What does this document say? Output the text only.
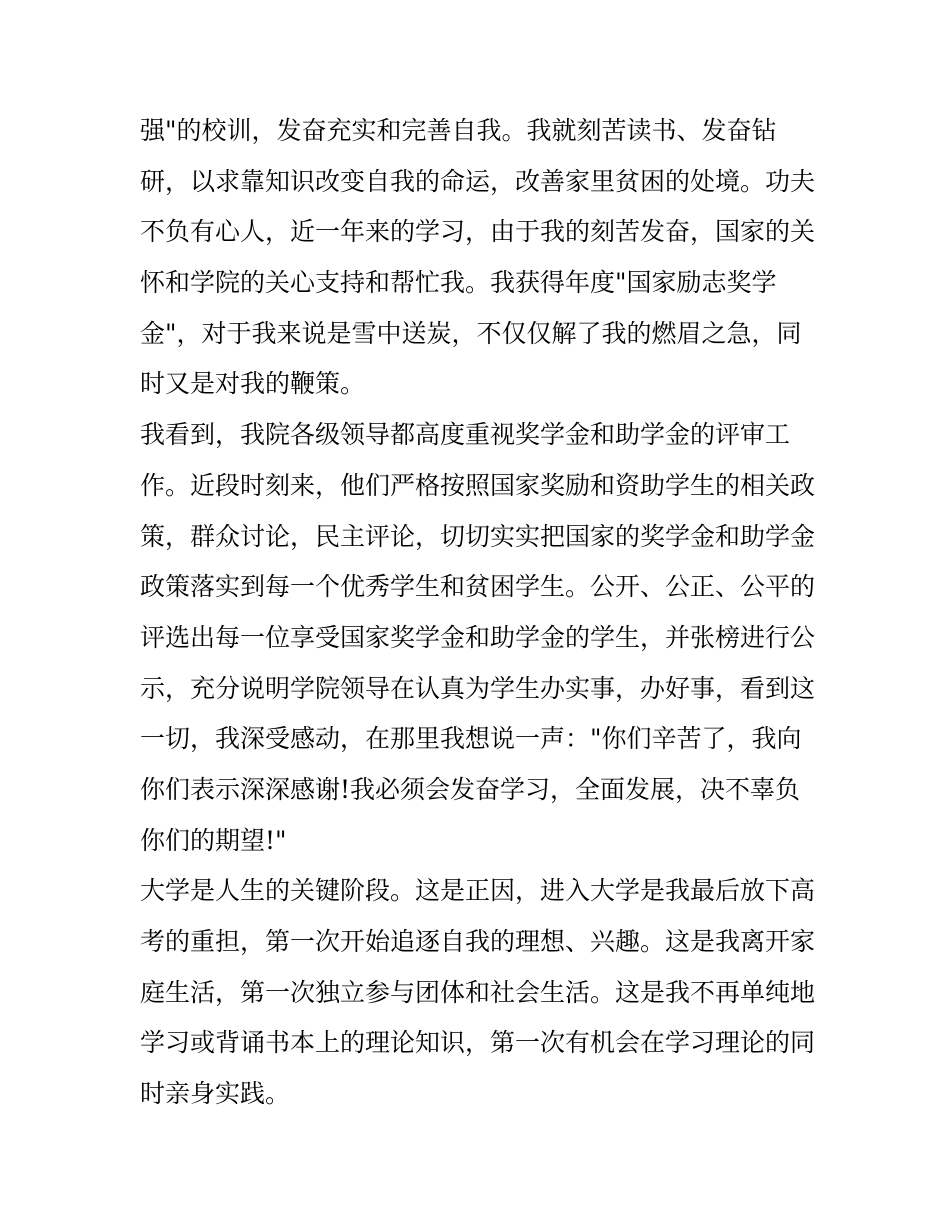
强"的校训，发奋充实和完善自我。我就刻苦读书、发奋钻
研，以求靠知识改变自我的命运，改善家里贫困的处境。功夫
不负有心人，近一年来的学习，由于我的刻苦发奋，国家的关
怀和学院的关心支持和帮忙我。我获得年度"国家励志奖学
金"，对于我来说是雪中送炭，不仅仅解了我的燃眉之急，同
时又是对我的鞭策。
我看到，我院各级领导都高度重视奖学金和助学金的评审工
作。近段时刻来，他们严格按照国家奖励和资助学生的相关政
策，群众讨论，民主评论，切切实实把国家的奖学金和助学金
政策落实到每一个优秀学生和贫困学生。公开、公正、公平的
评选出每一位享受国家奖学金和助学金的学生，并张榜进行公
示，充分说明学院领导在认真为学生办实事，办好事，看到这
一切，我深受感动，在那里我想说一声："你们辛苦了，我向
你们表示深深感谢!我必须会发奋学习，全面发展，决不辜负
你们的期望!"
大学是人生的关键阶段。这是正因，进入大学是我最后放下高
考的重担，第一次开始追逐自我的理想、兴趣。这是我离开家
庭生活，第一次独立参与团体和社会生活。这是我不再单纯地
学习或背诵书本上的理论知识，第一次有机会在学习理论的同
时亲身实践。
